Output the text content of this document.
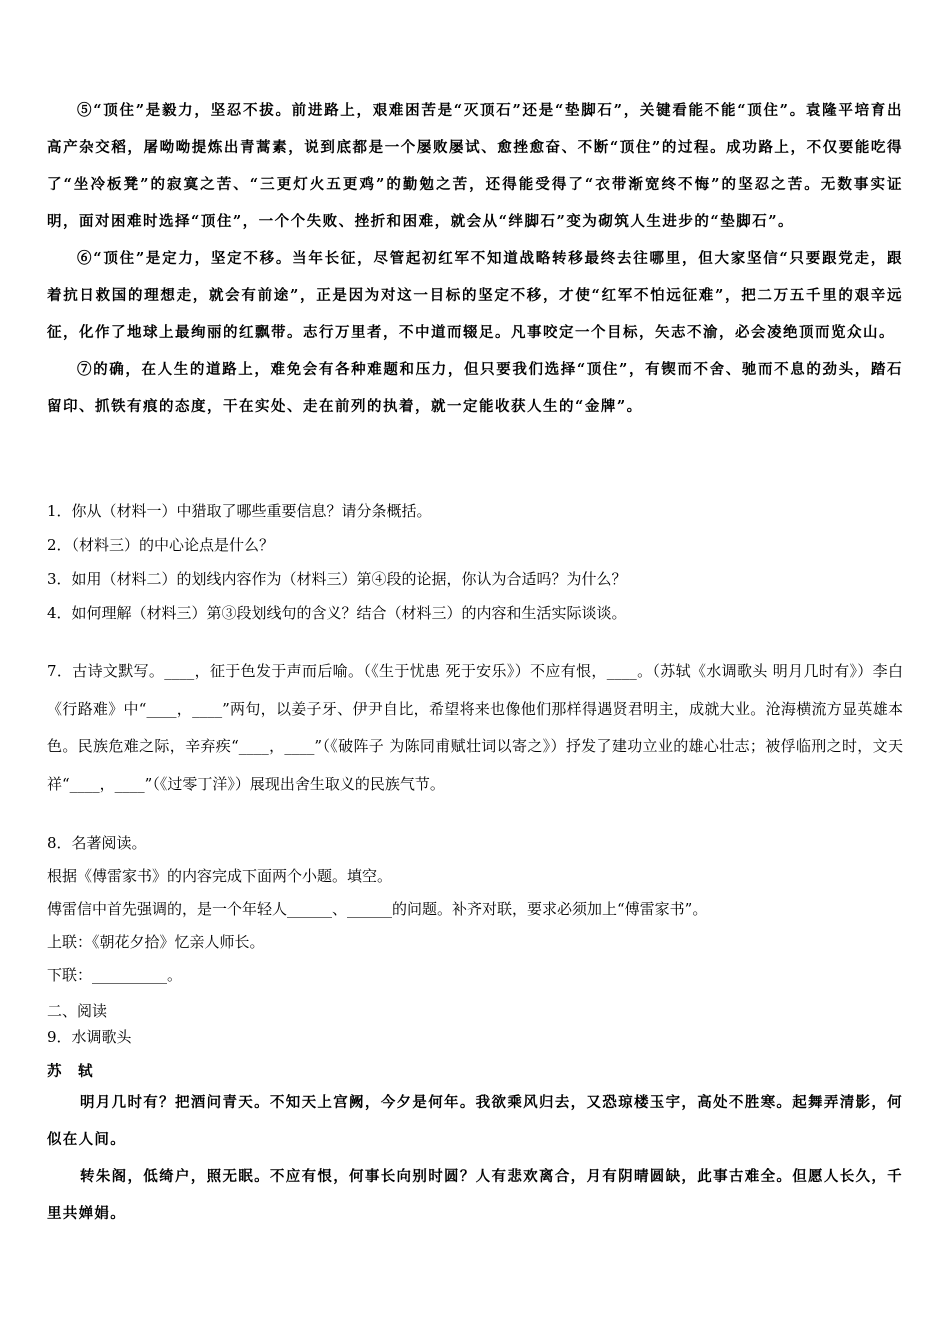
⑤“顶住”是毅力，坚忍不拔。前进路上，艰难困苦是“灭顶石”还是“垫脚石”，关键看能不能“顶住”。袁隆平培育出高产杂交稻，屠呦呦提炼出青蒿素，说到底都是一个屡败屡试、愈挫愈奋、不断“顶住”的过程。成功路上，不仅要能吃得了“坐冷板凳”的寂寞之苦、“三更灯火五更鸡”的勤勉之苦，还得能受得了“衣带渐宽终不悔”的坚忍之苦。无数事实证明，面对困难时选择“顶住”，一个个失败、挫折和困难，就会从“绊脚石”变为砌筑人生进步的“垫脚石”。

⑥“顶住”是定力，坚定不移。当年长征，尽管起初红军不知道战略转移最终去往哪里，但大家坚信“只要跟党走，跟着抗日救国的理想走，就会有前途”，正是因为对这一目标的坚定不移，才使“红军不怕远征难”，把二万五千里的艰辛远征，化作了地球上最绚丽的红飘带。志行万里者，不中道而辍足。凡事咬定一个目标，矢志不渝，必会凌绝顶而览众山。

⑦的确，在人生的道路上，难免会有各种难题和压力，但只要我们选择“顶住”，有锲而不舍、驰而不息的劲头，踏石留印、抓铁有痕的态度，干在实处、走在前列的执着，就一定能收获人生的“金牌”。

1．你从（材料一）中猎取了哪些重要信息？请分条概括。

2．（材料三）的中心论点是什么？

3．如用（材料二）的划线内容作为（材料三）第④段的论据，你认为合适吗？为什么？

4．如何理解（材料三）第③段划线句的含义？结合（材料三）的内容和生活实际谈谈。

7．古诗文默写。____，征于色发于声而后喻。（《生于忧患 死于安乐》）不应有恨，____。（苏轼《水调歌头 明月几时有》）李白《行路难》中“____，____”两句，以姜子牙、伊尹自比，希望将来也像他们那样得遇贤君明主，成就大业。沧海横流方显英雄本色。民族危难之际，辛弃疾“____，____”（《破阵子 为陈同甫赋壮词以寄之》）抒发了建功立业的雄心壮志；被俘临刑之时，文天祥“____，____”（《过零丁洋》）展现出舍生取义的民族气节。

8．名著阅读。

根据《傅雷家书》的内容完成下面两个小题。填空。

傅雷信中首先强调的，是一个年轻人______、______的问题。补齐对联，要求必须加上“傅雷家书”。

上联：《朝花夕拾》忆亲人师长。

下联：__________。

二、阅读

9．水调歌头

苏　轼

明月几时有？把酒问青天。不知天上宫阙，今夕是何年。我欲乘风归去，又恐琼楼玉宇，高处不胜寒。起舞弄清影，何似在人间。

转朱阁，低绮户，照无眠。不应有恨，何事长向别时圆？人有悲欢离合，月有阴晴圆缺，此事古难全。但愿人长久，千里共婵娟。
